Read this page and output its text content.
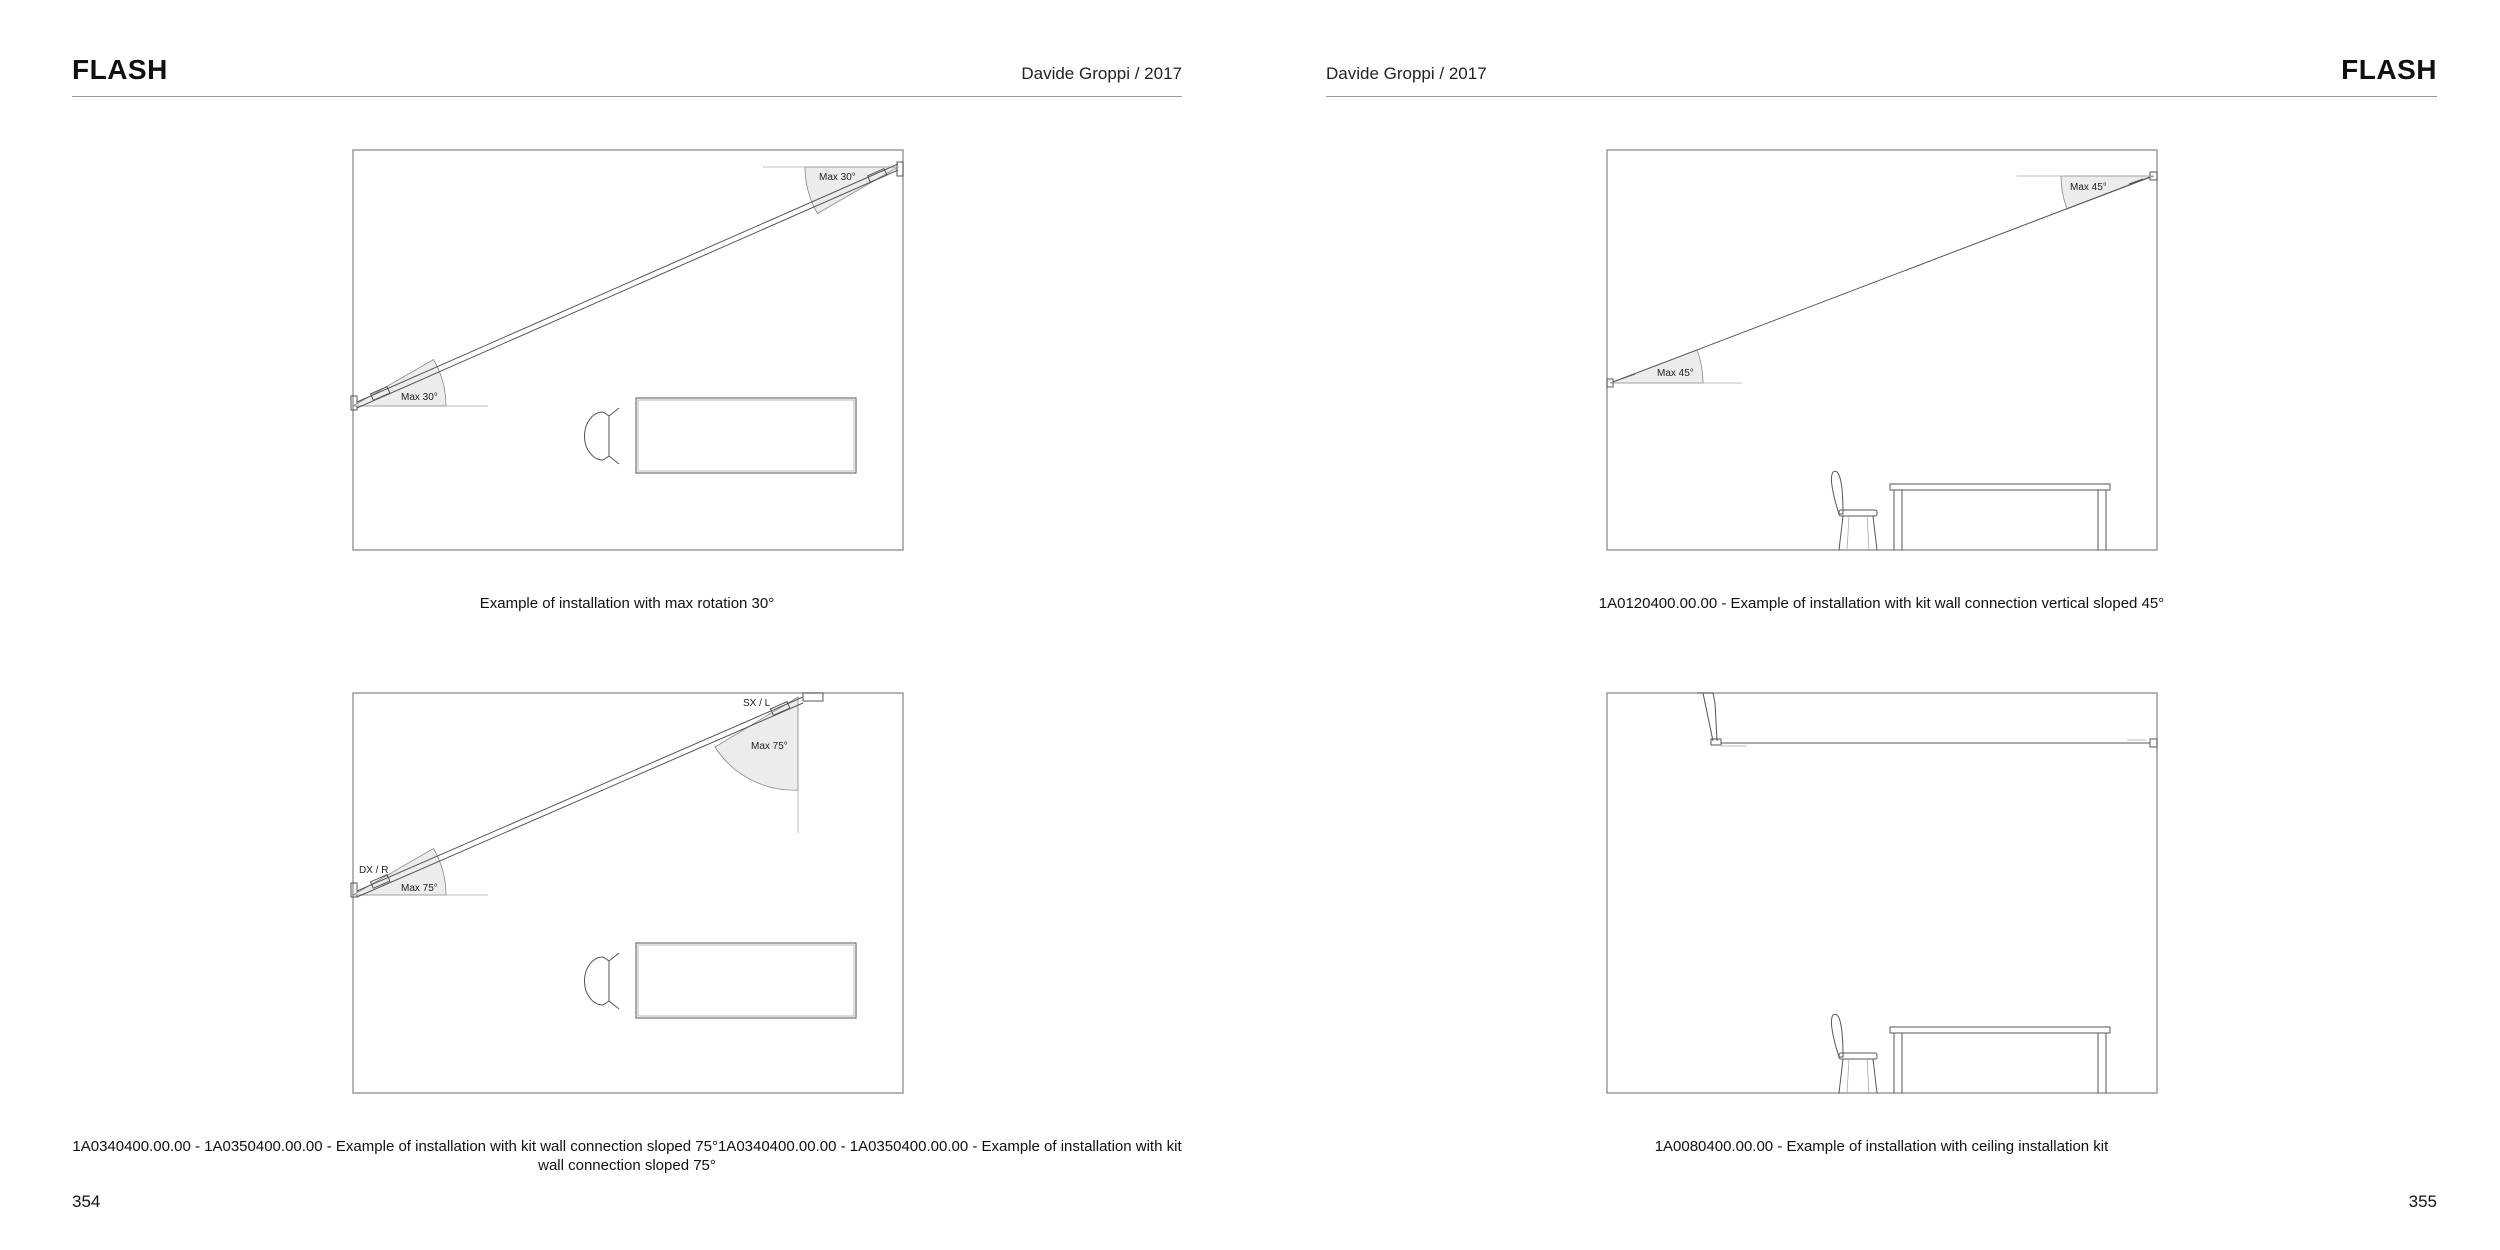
FLASH	Davide Groppi / 2017
Max 30°
Max 30°
Example of installation with max rotation 30°
DX / R
SX / L
Max 75°
Max 75°
1A0340400.00.00 - 1A0350400.00.00 - Example of installation with kit wall connection sloped 75°1A0340400.00.00 - 1A0350400.00.00 - Example of installation with kit wall connection sloped 75°
354
Davide Groppi / 2017	FLASH
Max 45°
Max 45°
1A0120400.00.00 - Example of installation with kit wall connection vertical sloped 45°
1A0080400.00.00 - Example of installation with ceiling installation kit
355
